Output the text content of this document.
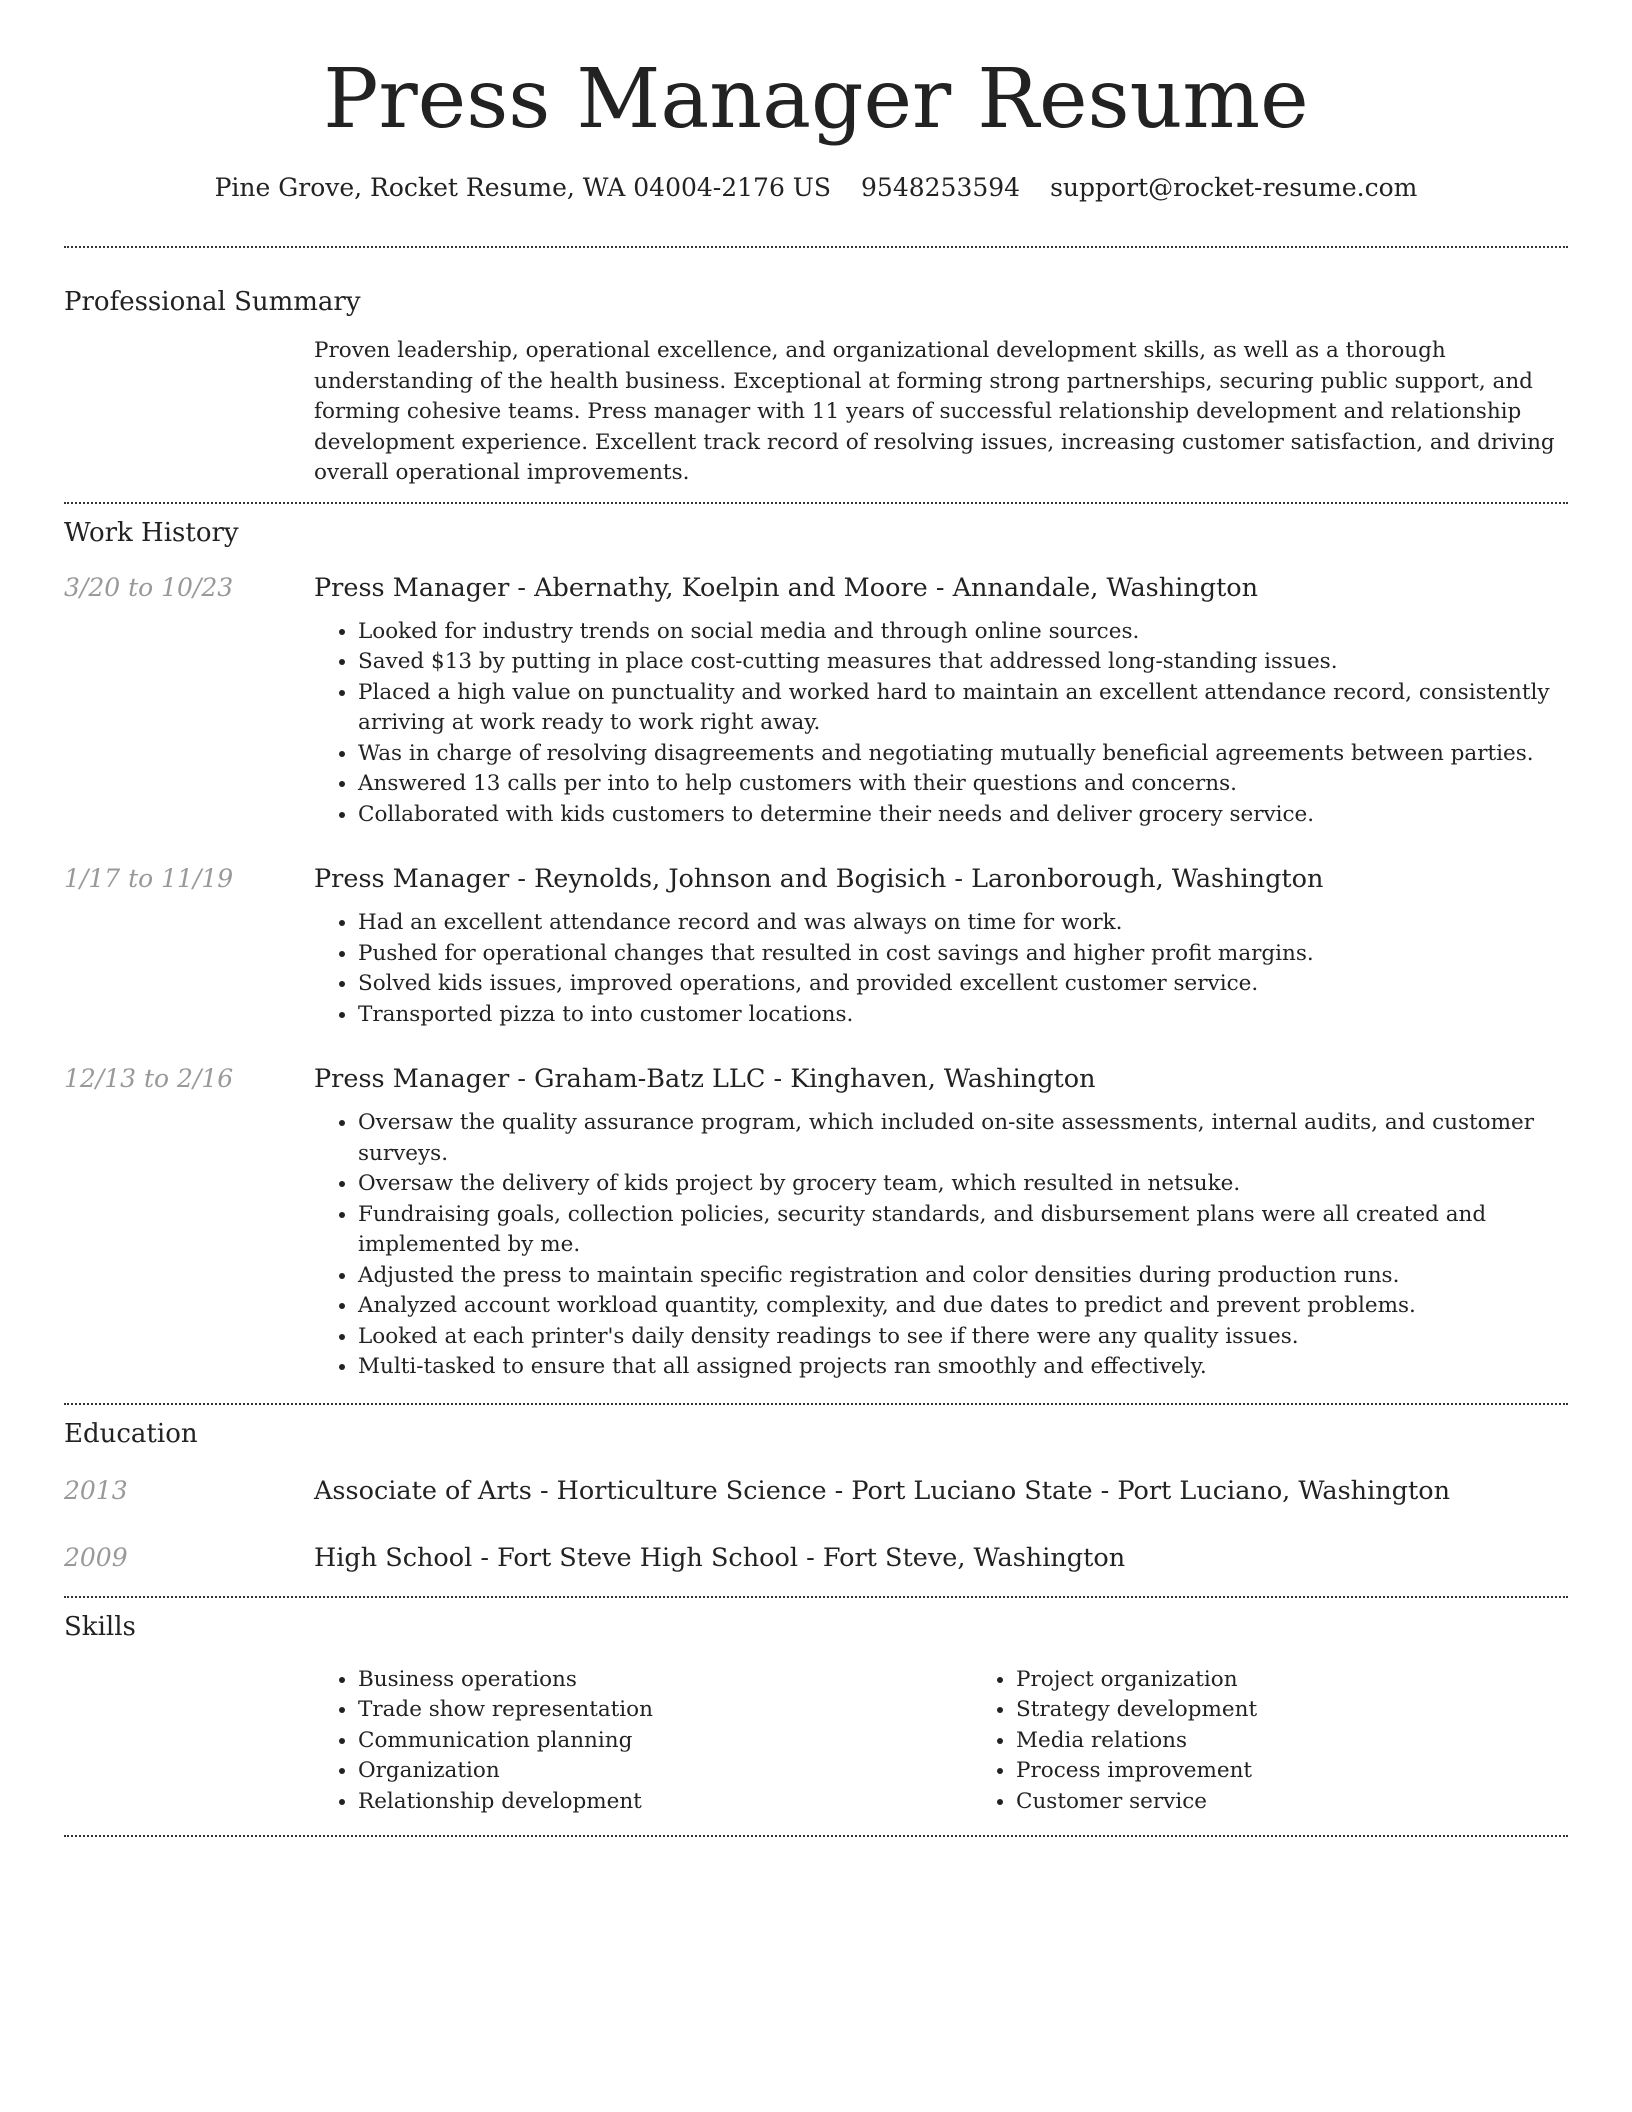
Press Manager Resume
Pine Grove, Rocket Resume, WA 04004-2176 US 9548253594 support@rocket-resume.com
Professional Summary

Proven leadership, operational excellence, and organizational development skills, as well as a thorough understanding of the health business. Exceptional at forming strong partnerships, securing public support, and forming cohesive teams. Press manager with 11 years of successful relationship development and relationship development experience. Excellent track record of resolving issues, increasing customer satisfaction, and driving overall operational improvements.

Work History
3/20 to 10/23	Press Manager - Abernathy, Koelpin and Moore - Annandale, Washington
• Looked for industry trends on social media and through online sources.
• Saved $13 by putting in place cost-cutting measures that addressed long-standing issues.
• Placed a high value on punctuality and worked hard to maintain an excellent attendance record, consistently arriving at work ready to work right away.
• Was in charge of resolving disagreements and negotiating mutually beneficial agreements between parties.
• Answered 13 calls per into to help customers with their questions and concerns.
• Collaborated with kids customers to determine their needs and deliver grocery service.
1/17 to 11/19	Press Manager - Reynolds, Johnson and Bogisich - Laronborough, Washington
• Had an excellent attendance record and was always on time for work.
• Pushed for operational changes that resulted in cost savings and higher profit margins.
• Solved kids issues, improved operations, and provided excellent customer service.
• Transported pizza to into customer locations.
12/13 to 2/16	Press Manager - Graham-Batz LLC - Kinghaven, Washington
• Oversaw the quality assurance program, which included on-site assessments, internal audits, and customer surveys.
• Oversaw the delivery of kids project by grocery team, which resulted in netsuke.
• Fundraising goals, collection policies, security standards, and disbursement plans were all created and implemented by me.
• Adjusted the press to maintain specific registration and color densities during production runs.
• Analyzed account workload quantity, complexity, and due dates to predict and prevent problems.
• Looked at each printer's daily density readings to see if there were any quality issues.
• Multi-tasked to ensure that all assigned projects ran smoothly and effectively.
Education
2013	Associate of Arts - Horticulture Science - Port Luciano State - Port Luciano, Washington
2009	High School - Fort Steve High School - Fort Steve, Washington
Skills
• Business operations
• Trade show representation
• Communication planning
• Organization
• Relationship development
• Project organization
• Strategy development
• Media relations
• Process improvement
• Customer service
